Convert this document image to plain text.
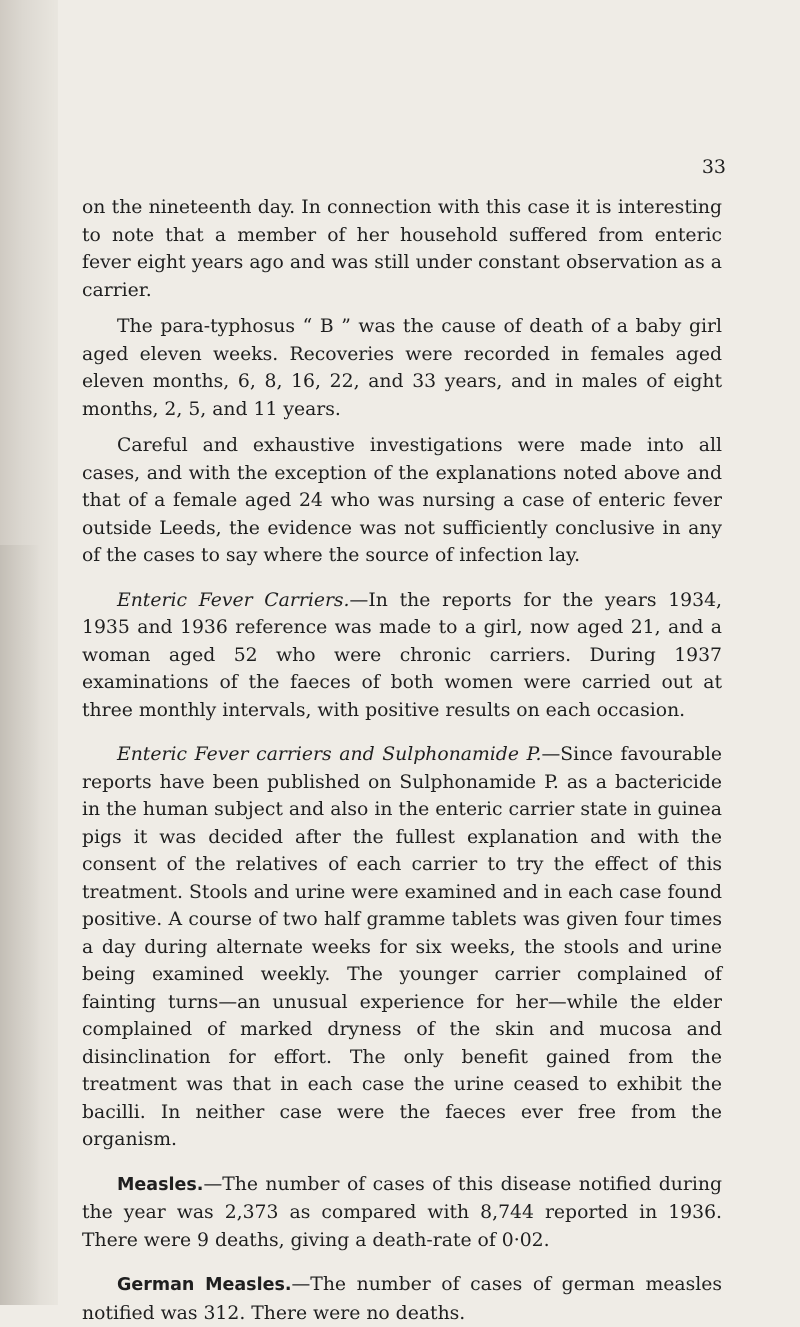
33

on the nineteenth day. In connection with this case it is interesting to note that a member of her household suffered from enteric fever eight years ago and was still under constant observation as a carrier.

The para-typhosus “ B ” was the cause of death of a baby girl aged eleven weeks. Recoveries were recorded in females aged eleven months, 6, 8, 16, 22, and 33 years, and in males of eight months, 2, 5, and 11 years.

Careful and exhaustive investigations were made into all cases, and with the exception of the explanations noted above and that of a female aged 24 who was nursing a case of enteric fever outside Leeds, the evidence was not sufficiently conclusive in any of the cases to say where the source of infection lay.

Enteric Fever Carriers.—In the reports for the years 1934, 1935 and 1936 reference was made to a girl, now aged 21, and a woman aged 52 who were chronic carriers. During 1937 examinations of the faeces of both women were carried out at three monthly intervals, with positive results on each occasion.

Enteric Fever carriers and Sulphonamide P.—Since favourable reports have been published on Sulphonamide P. as a bactericide in the human subject and also in the enteric carrier state in guinea pigs it was decided after the fullest explanation and with the consent of the relatives of each carrier to try the effect of this treatment. Stools and urine were examined and in each case found positive. A course of two half gramme tablets was given four times a day during alternate weeks for six weeks, the stools and urine being examined weekly. The younger carrier complained of fainting turns—an unusual experience for her—while the elder complained of marked dryness of the skin and mucosa and disinclination for effort. The only benefit gained from the treatment was that in each case the urine ceased to exhibit the bacilli. In neither case were the faeces ever free from the organism.

Measles.—The number of cases of this disease notified during the year was 2,373 as compared with 8,744 reported in 1936. There were 9 deaths, giving a death-rate of 0·02.

German Measles.—The number of cases of german measles notified was 312. There were no deaths.
